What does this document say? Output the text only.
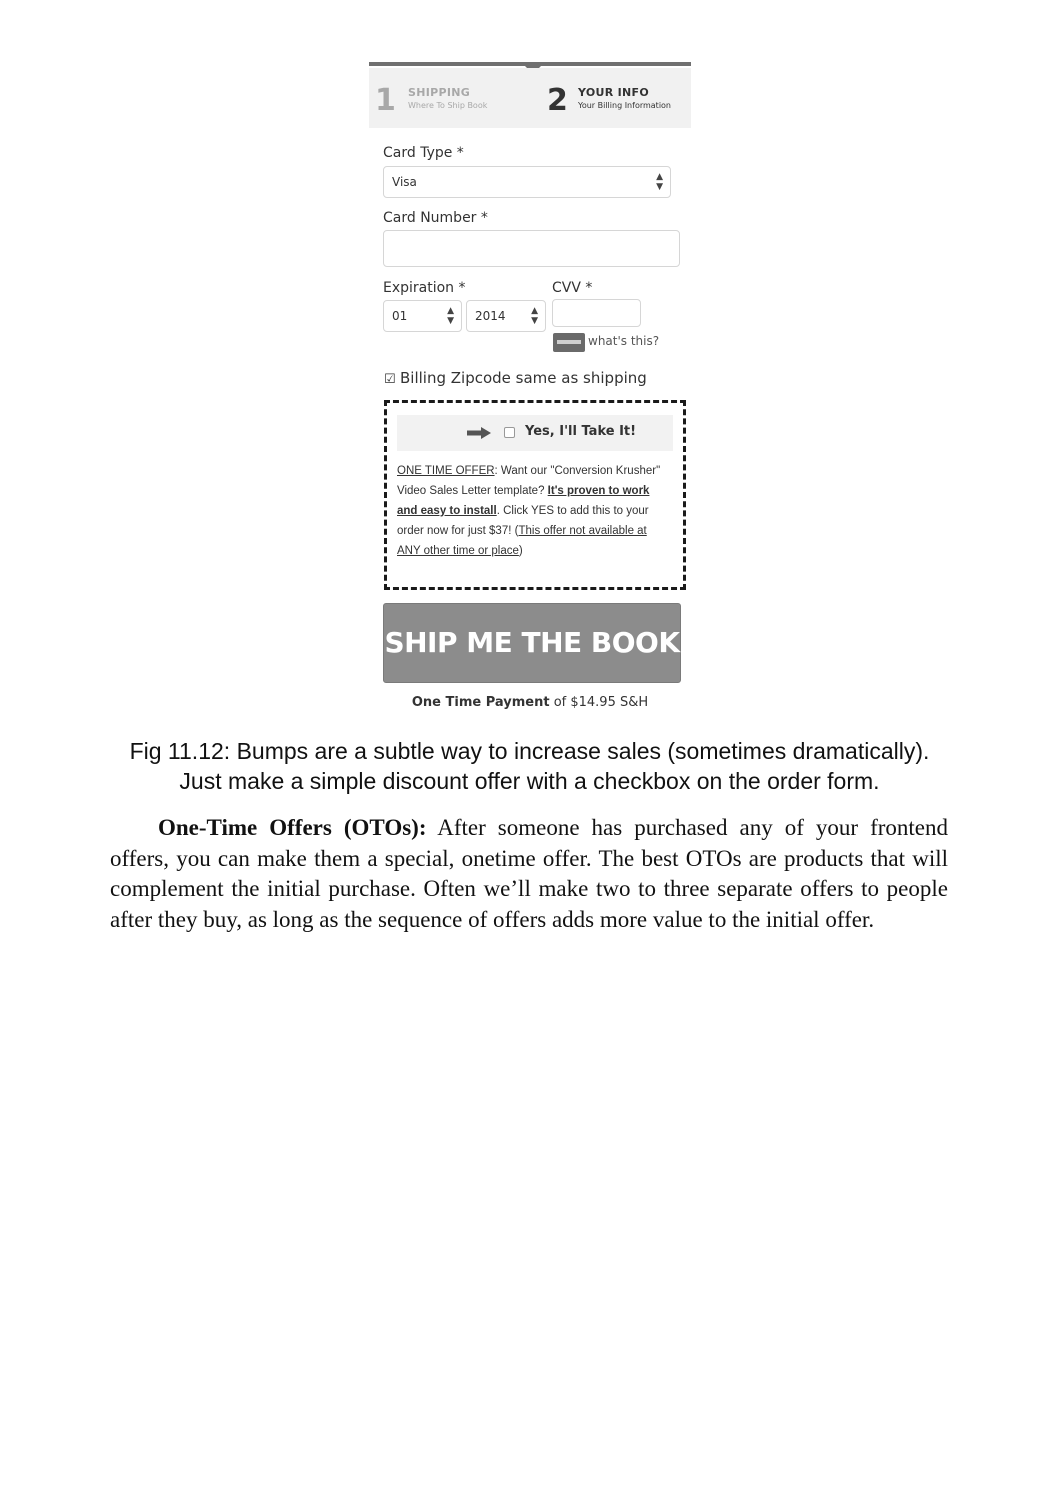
1 SHIPPING
Where To Ship Book 2 YOUR INFO
Your Billing Information
Card Type *
Visa	▲
▼
Card Number *
Expiration *
01	▲
▼ 2014	▲
▼
CVV *
what's this?
☑ Billing Zipcode same as shipping
Yes, I'll Take It!
ONE TIME OFFER: Want our "Conversion Krusher" Video Sales Letter template? It's proven to work and easy to install. Click YES to add this to your order now for just $37! (This offer not available at ANY other time or place)
SHIP ME THE BOOK
One Time Payment of $14.95 S&H
Fig 11.12: Bumps are a subtle way to increase sales (sometimes dramatically).
Just make a simple discount offer with a checkbox on the order form.
One-Time Offers (OTOs): After someone has purchased any of your frontend offers, you can make them a special, onetime offer. The best OTOs are products that will complement the initial purchase. Often we’ll make two to three separate offers to people after they buy, as long as the sequence of offers adds more value to the initial offer.
